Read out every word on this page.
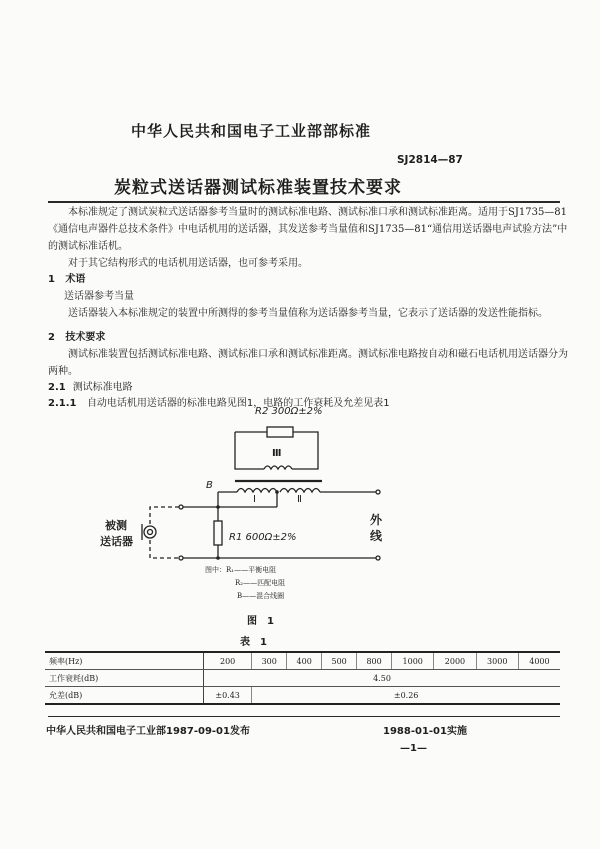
中华人民共和国电子工业部部标准
SJ2814—87
炭粒式送话器测试标准装置技术要求
本标准规定了测试炭粒式送话器参考当量时的测试标准电路、测试标准口承和测试标准距离。适用于SJ1735—81《通信电声器件总技术条件》中电话机用的送话器，其发送参考当量值和SJ1735—81“通信用送话器电声试验方法”中的测试标准话机。
对于其它结构形式的电话机用送话器，也可参考采用。
1 术语
送话器参考当量
送话器装入本标准规定的装置中所测得的参考当量值称为送话器参考当量，它表示了送话器的发送性能指标。
2 技术要求
测试标准装置包括测试标准电路、测试标准口承和测试标准距离。测试标准电路按自动和磁石电话机用送话器分为两种。
2.1 测试标准电路
2.1.1 自动电话机用送话器的标准电路见图1，电路的工作衰耗及允差见表1
R2 300Ω±2%
Ⅲ
B
Ⅰ	Ⅱ
R1 600Ω±2%
被测
送话器
外
线
图中：R₁——平衡电阻
R₂——匹配电阻
B——混合线圈
图　1
表　1
频率(Hz)	200	300	400	500	800	1000	2000	3000	4000
工作衰耗(dB)	4.50								
允差(dB)	±0.43	±0.26							
中华人民共和国电子工业部1987-09-01发布	1988-01-01实施
—1—
